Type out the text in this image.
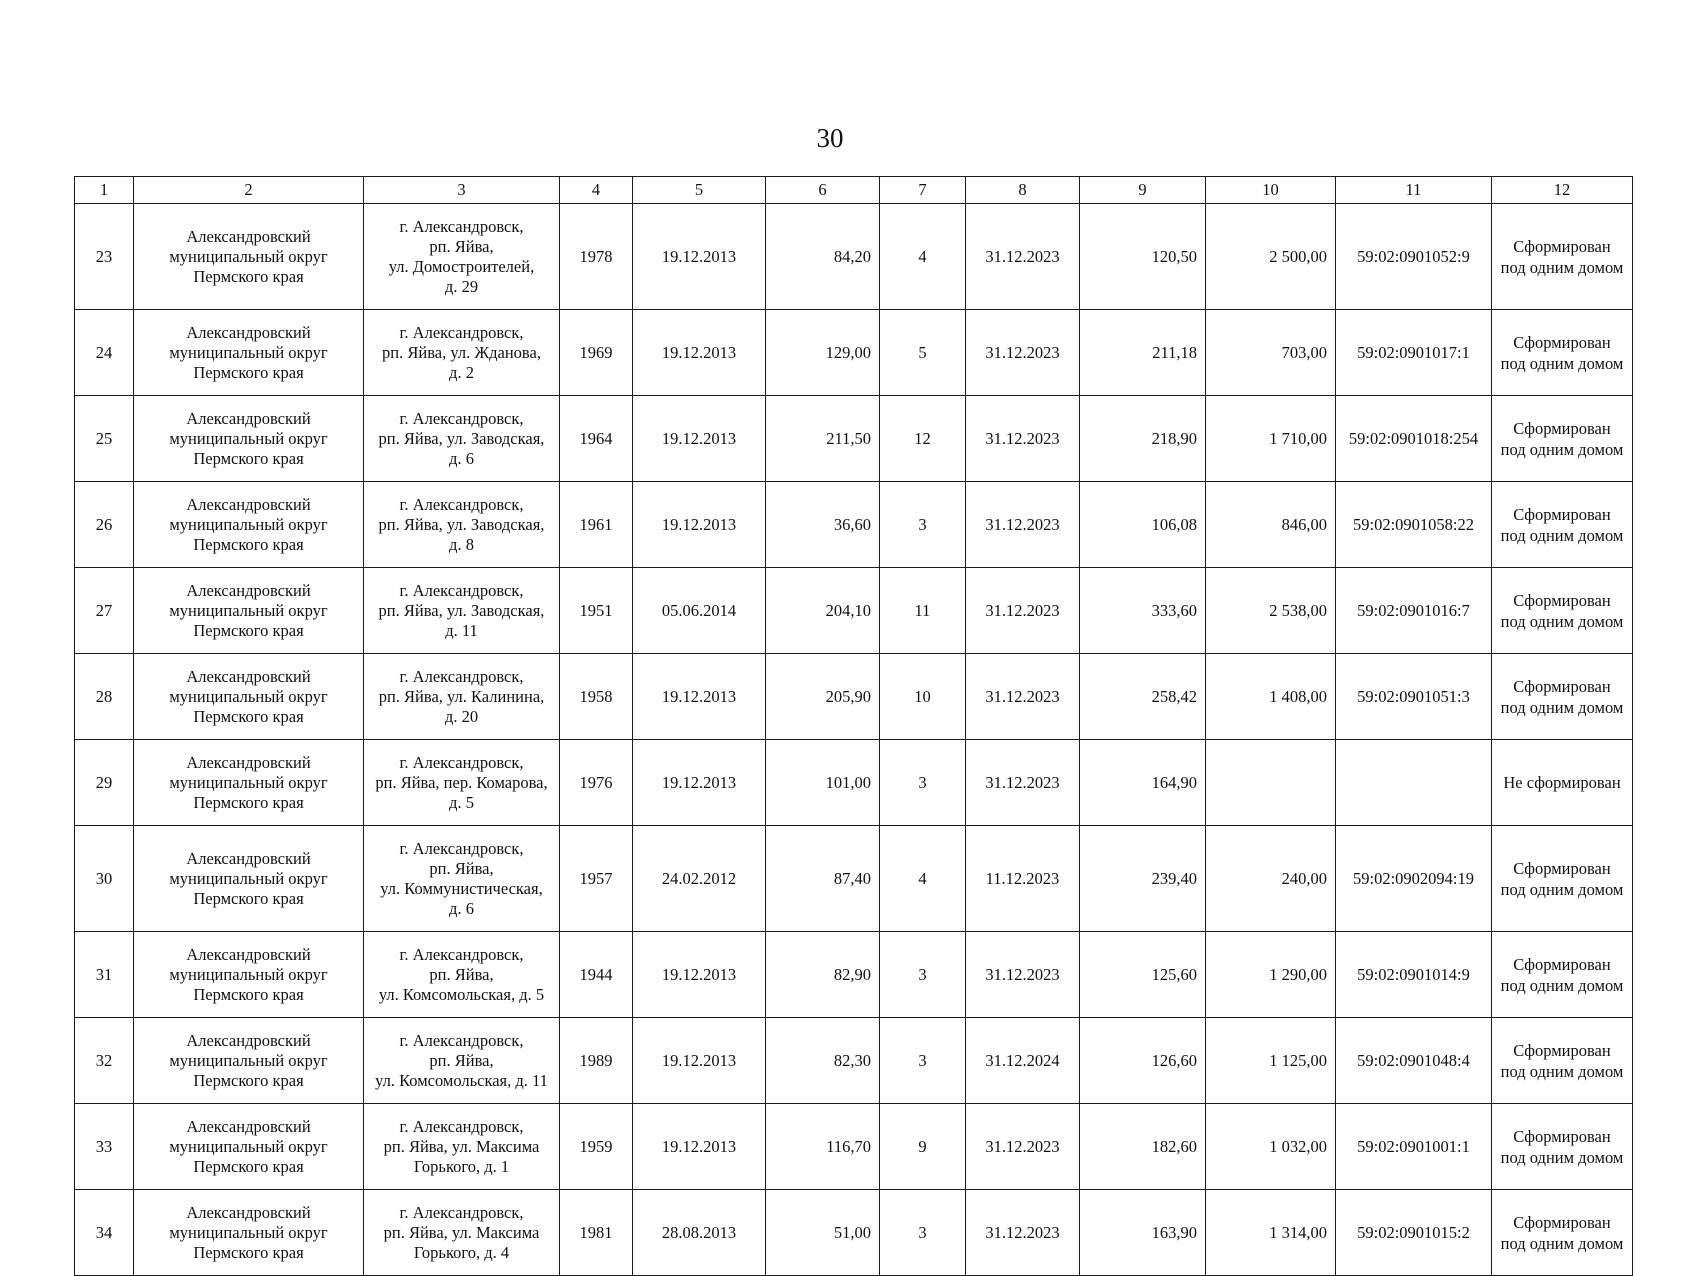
30
1	2	3	4	5	6	7	8	9	10	11	12
23	Александровский
муниципальный округ
Пермского края	г. Александровск,
рп. Яйва,
ул. Домостроителей,
д. 29	1978	19.12.2013	84,20	4	31.12.2023	120,50	2 500,00	59:02:0901052:9	Сформирован
под одним домом

24	Александровский
муниципальный округ
Пермского края	г. Александровск,
рп. Яйва, ул. Жданова,
д. 2	1969	19.12.2013	129,00	5	31.12.2023	211,18	703,00	59:02:0901017:1	Сформирован
под одним домом

25	Александровский
муниципальный округ
Пермского края	г. Александровск,
рп. Яйва, ул. Заводская,
д. 6	1964	19.12.2013	211,50	12	31.12.2023	218,90	1 710,00	59:02:0901018:254	Сформирован
под одним домом

26	Александровский
муниципальный округ
Пермского края	г. Александровск,
рп. Яйва, ул. Заводская,
д. 8	1961	19.12.2013	36,60	3	31.12.2023	106,08	846,00	59:02:0901058:22	Сформирован
под одним домом

27	Александровский
муниципальный округ
Пермского края	г. Александровск,
рп. Яйва, ул. Заводская,
д. 11	1951	05.06.2014	204,10	11	31.12.2023	333,60	2 538,00	59:02:0901016:7	Сформирован
под одним домом

28	Александровский
муниципальный округ
Пермского края	г. Александровск,
рп. Яйва, ул. Калинина,
д. 20	1958	19.12.2013	205,90	10	31.12.2023	258,42	1 408,00	59:02:0901051:3	Сформирован
под одним домом

29	Александровский
муниципальный округ
Пермского края	г. Александровск,
рп. Яйва, пер. Комарова,
д. 5	1976	19.12.2013	101,00	3	31.12.2023	164,90			Не сформирован

30	Александровский
муниципальный округ
Пермского края	г. Александровск,
рп. Яйва,
ул. Коммунистическая,
д. 6	1957	24.02.2012	87,40	4	11.12.2023	239,40	240,00	59:02:0902094:19	Сформирован
под одним домом

31	Александровский
муниципальный округ
Пермского края	г. Александровск,
рп. Яйва,
ул. Комсомольская, д. 5	1944	19.12.2013	82,90	3	31.12.2023	125,60	1 290,00	59:02:0901014:9	Сформирован
под одним домом

32	Александровский
муниципальный округ
Пермского края	г. Александровск,
рп. Яйва,
ул. Комсомольская, д. 11	1989	19.12.2013	82,30	3	31.12.2024	126,60	1 125,00	59:02:0901048:4	Сформирован
под одним домом

33	Александровский
муниципальный округ
Пермского края	г. Александровск,
рп. Яйва, ул. Максима
Горького, д. 1	1959	19.12.2013	116,70	9	31.12.2023	182,60	1 032,00	59:02:0901001:1	Сформирован
под одним домом

34	Александровский
муниципальный округ
Пермского края	г. Александровск,
рп. Яйва, ул. Максима
Горького, д. 4	1981	28.08.2013	51,00	3	31.12.2023	163,90	1 314,00	59:02:0901015:2	Сформирован
под одним домом
